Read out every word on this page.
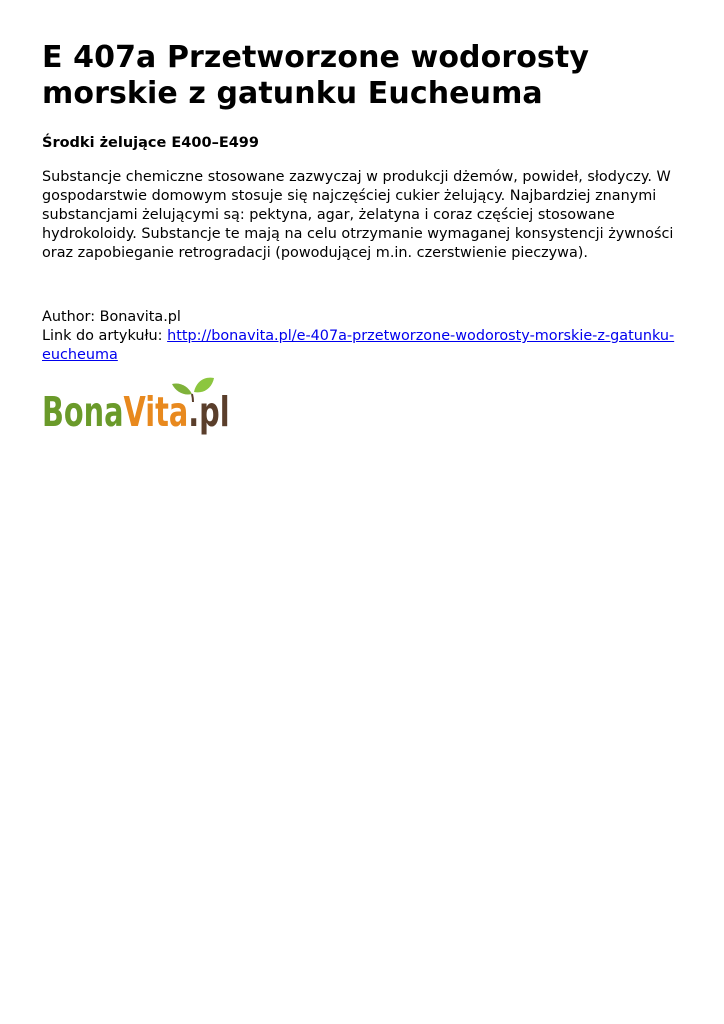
E 407a Przetworzone wodorosty morskie z gatunku Eucheuma
Środki żelujące E400–E499

Substancje chemiczne stosowane zazwyczaj w produkcji dżemów, powideł, słodyczy. W gospodarstwie domowym stosuje się najczęściej cukier żelujący. Najbardziej znanymi substancjami żelującymi są: pektyna, agar, żelatyna i coraz częściej stosowane hydrokoloidy. Substancje te mają na celu otrzymanie wymaganej konsystencji żywności oraz zapobieganie retrogradacji (powodującej m.in. czerstwienie pieczywa).

Author: Bonavita.pl
Link do artykułu: http://bonavita.pl/e-407a-przetworzone-wodorosty-morskie-z-gatunku-eucheuma
BonaVita.pl
